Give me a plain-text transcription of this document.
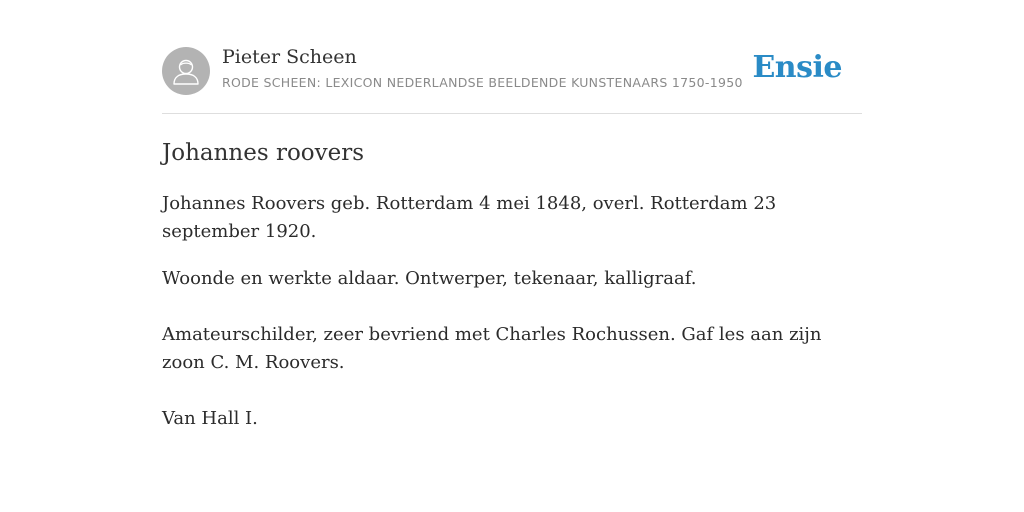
Pieter Scheen
RODE SCHEEN: LEXICON NEDERLANDSE BEELDENDE KUNSTENAARS 1750-1950 Ensie
Johannes roovers

Johannes Roovers geb. Rotterdam 4 mei 1848, overl. Rotterdam 23 september 1920.

Woonde en werkte aldaar. Ontwerper, tekenaar, kalligraaf.

Amateurschilder, zeer bevriend met Charles Rochussen. Gaf les aan zijn zoon C. M. Roovers.

Van Hall I.
